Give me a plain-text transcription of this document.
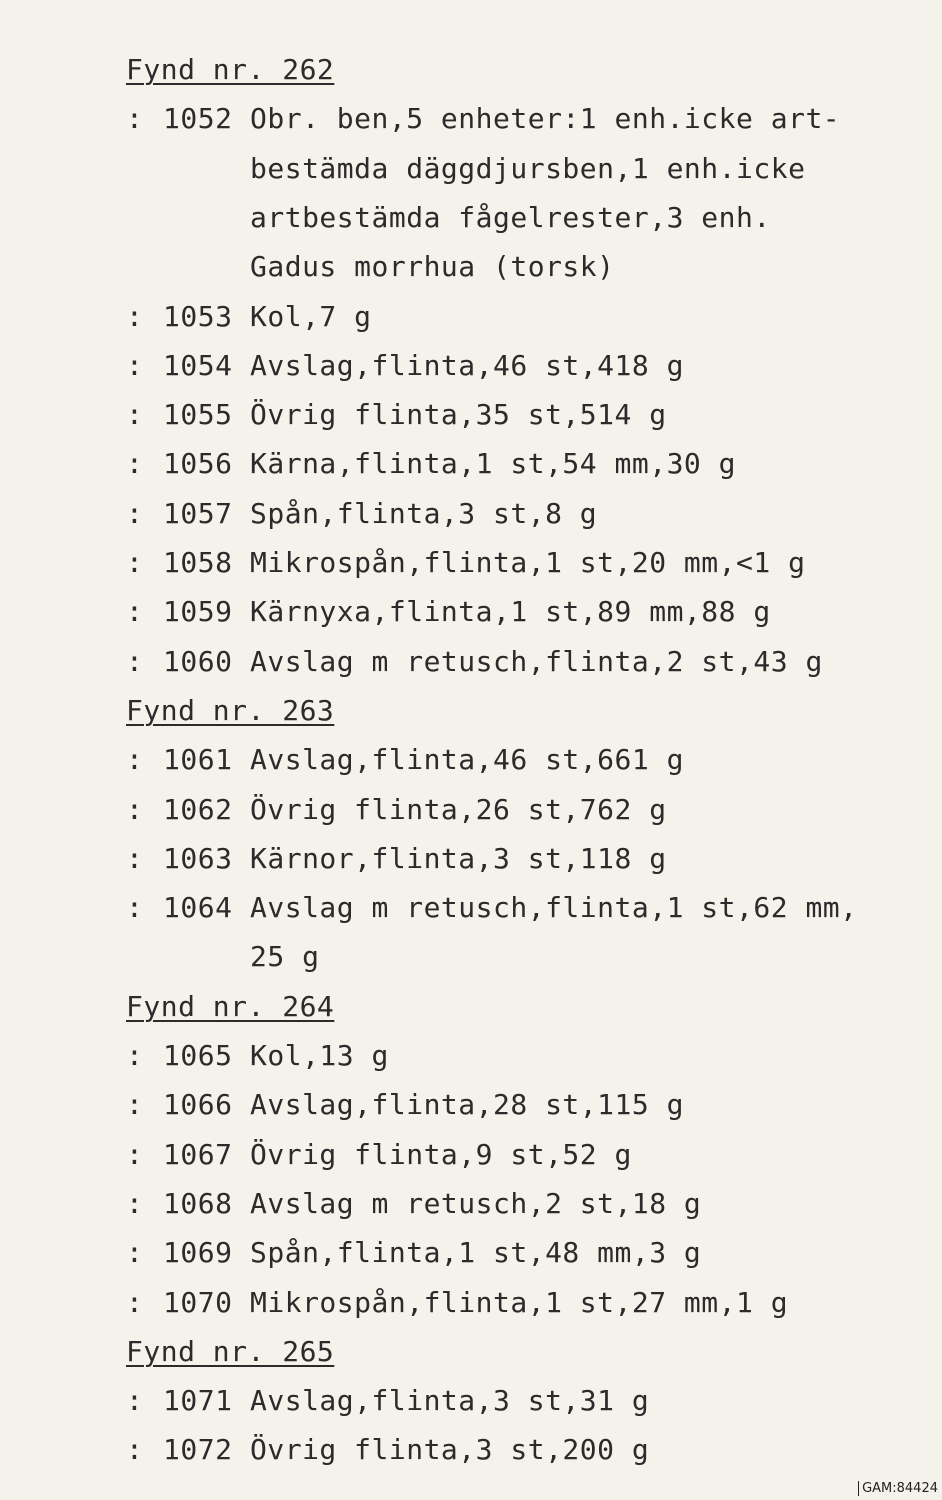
Fynd nr. 262
: 1052 Obr. ben,5 enheter:1 enh.icke art-
bestämda däggdjursben,1 enh.icke
artbestämda fågelrester,3 enh.
Gadus morrhua (torsk)
: 1053 Kol,7 g
: 1054 Avslag,flinta,46 st,418 g
: 1055 Övrig flinta,35 st,514 g
: 1056 Kärna,flinta,1 st,54 mm,30 g
: 1057 Spån,flinta,3 st,8 g
: 1058 Mikrospån,flinta,1 st,20 mm,<1 g
: 1059 Kärnyxa,flinta,1 st,89 mm,88 g
: 1060 Avslag m retusch,flinta,2 st,43 g
Fynd nr. 263
: 1061 Avslag,flinta,46 st,661 g
: 1062 Övrig flinta,26 st,762 g
: 1063 Kärnor,flinta,3 st,118 g
: 1064 Avslag m retusch,flinta,1 st,62 mm,
25 g
Fynd nr. 264
: 1065 Kol,13 g
: 1066 Avslag,flinta,28 st,115 g
: 1067 Övrig flinta,9 st,52 g
: 1068 Avslag m retusch,2 st,18 g
: 1069 Spån,flinta,1 st,48 mm,3 g
: 1070 Mikrospån,flinta,1 st,27 mm,1 g
Fynd nr. 265
: 1071 Avslag,flinta,3 st,31 g
: 1072 Övrig flinta,3 st,200 g
GAM:84424
